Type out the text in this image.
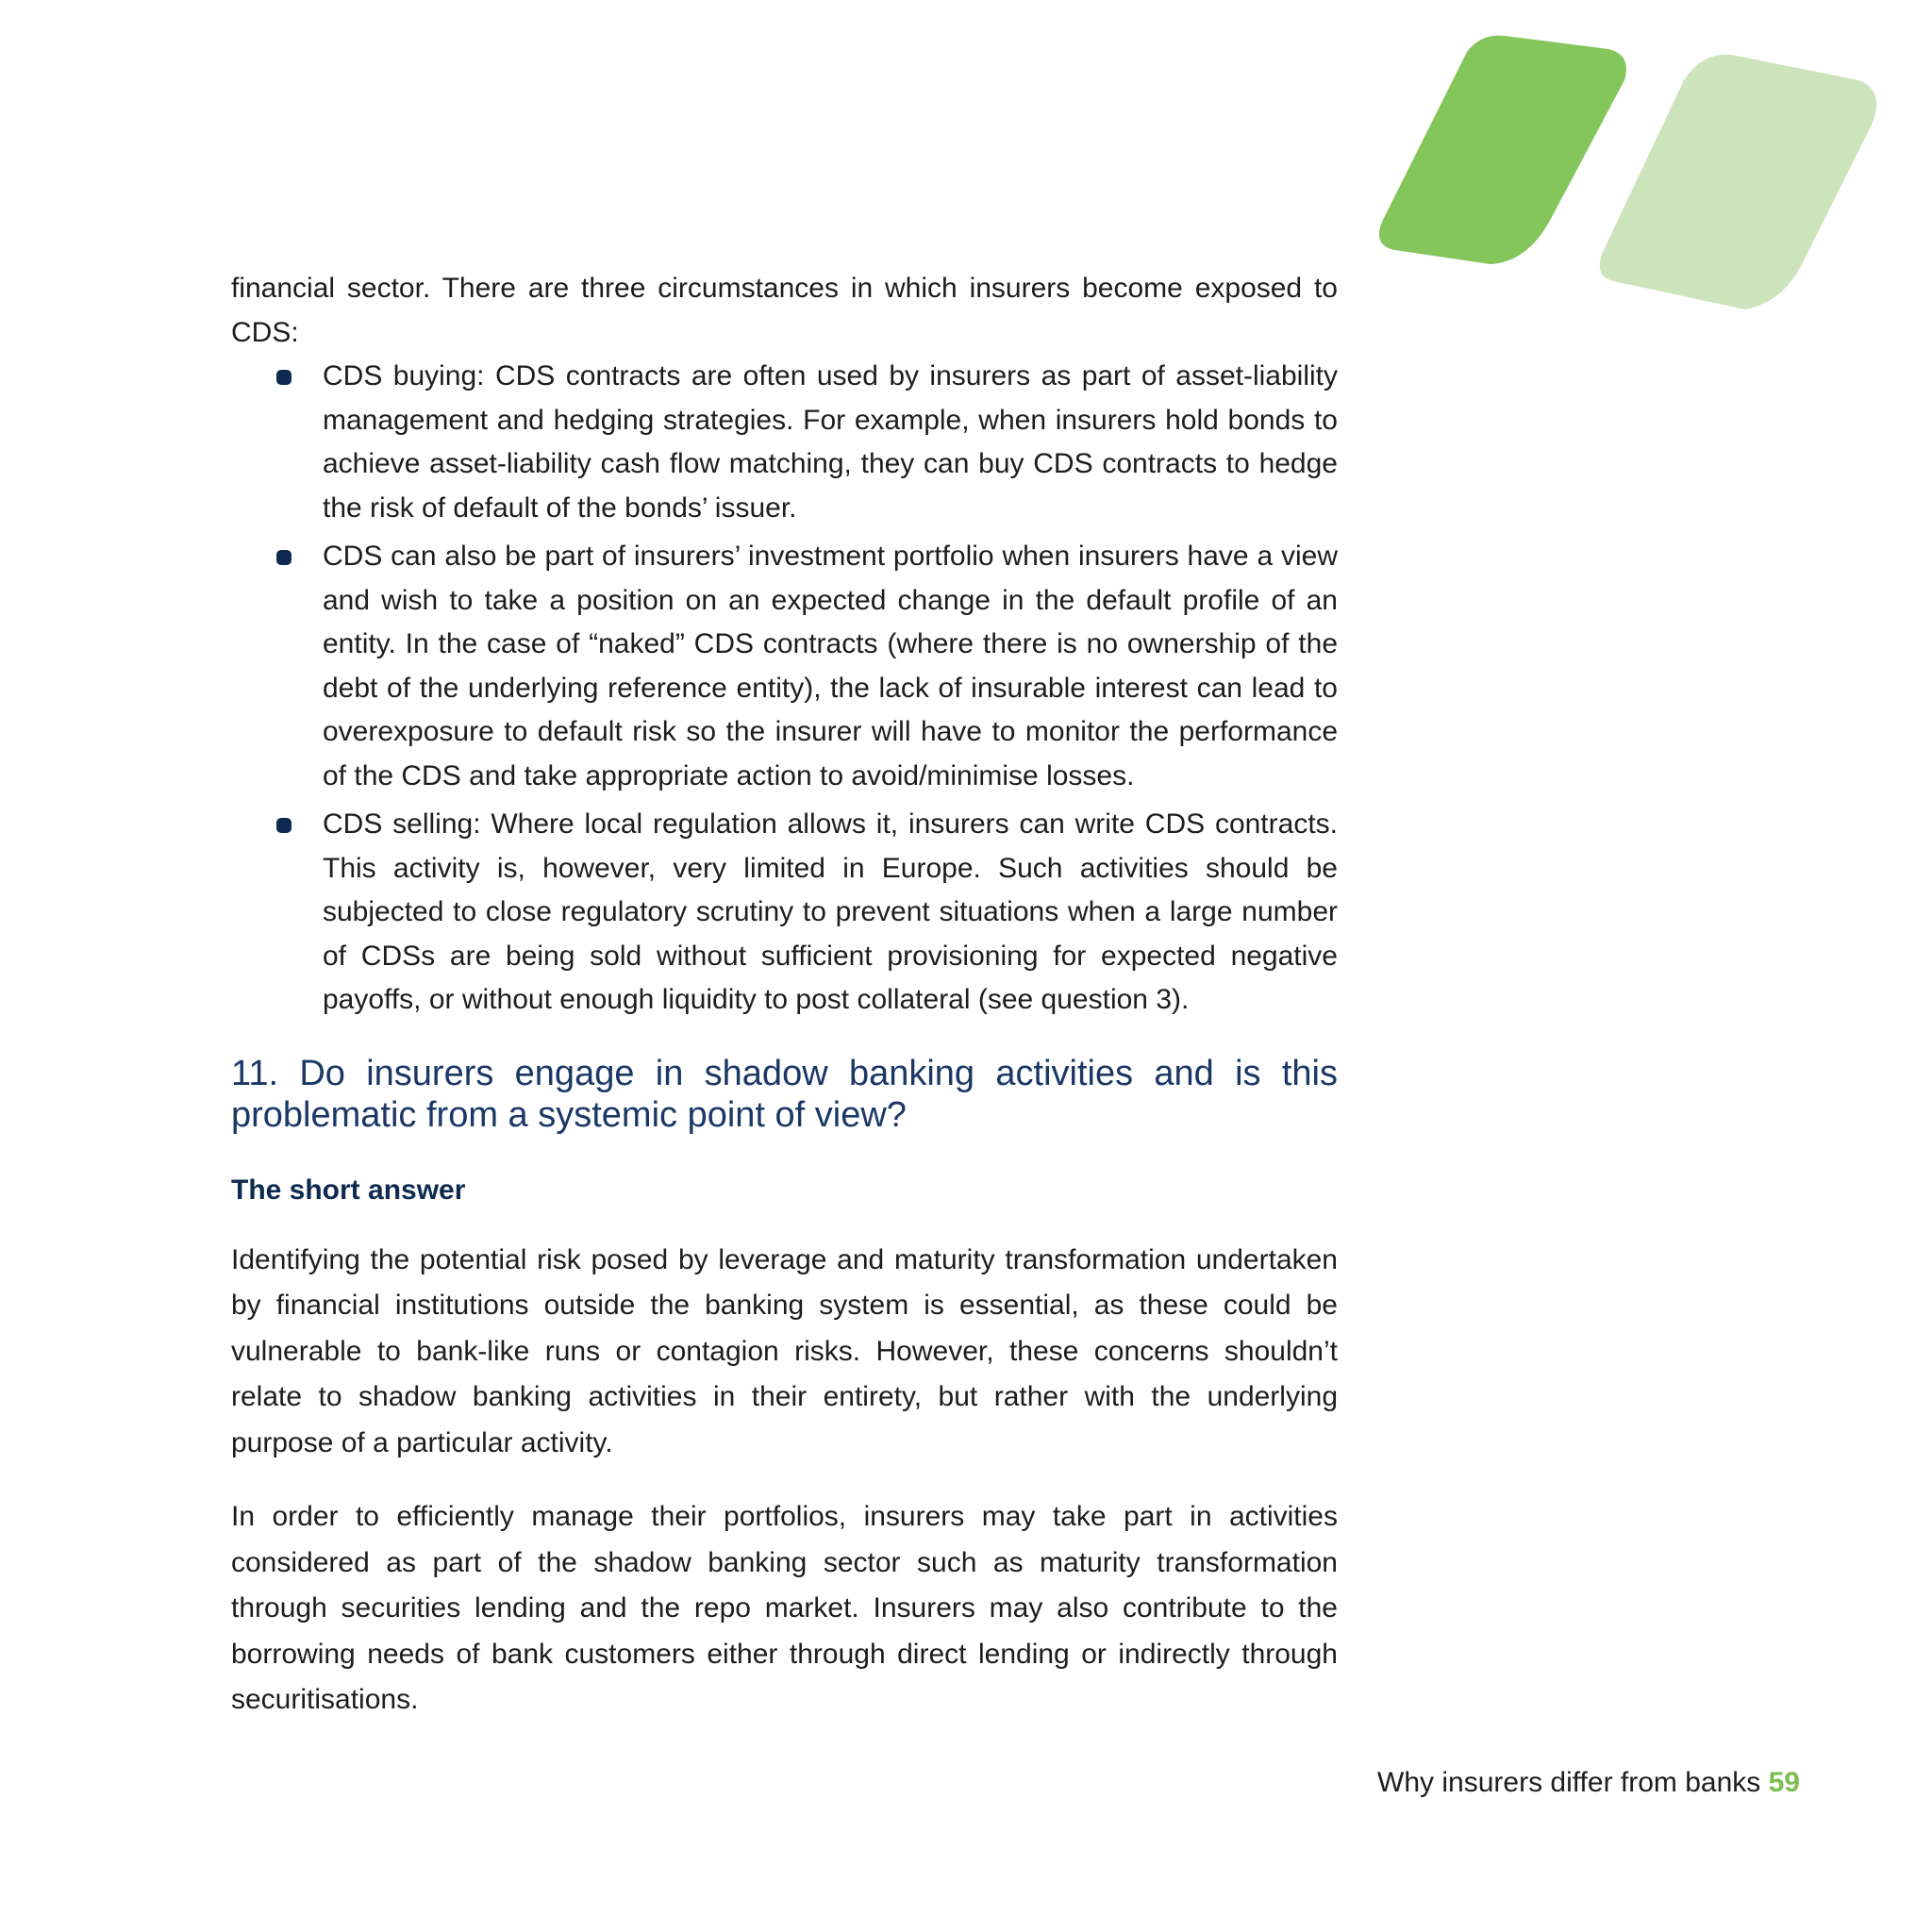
financial sector. There are three circumstances in which insurers become exposed to CDS:

CDS buying: CDS contracts are often used by insurers as part of asset-liability management and hedging strategies. For example, when insurers hold bonds to achieve asset-liability cash flow matching, they can buy CDS contracts to hedge the risk of default of the bonds’ issuer.
CDS can also be part of insurers’ investment portfolio when insurers have a view and wish to take a position on an expected change in the default profile of an entity. In the case of “naked” CDS contracts (where there is no ownership of the debt of the underlying reference entity), the lack of insurable interest can lead to overexposure to default risk so the insurer will have to monitor the performance of the CDS and take appropriate action to avoid/minimise losses.
CDS selling: Where local regulation allows it, insurers can write CDS contracts. This activity is, however, very limited in Europe. Such activities should be subjected to close regulatory scrutiny to prevent situations when a large number of CDSs are being sold without sufficient provisioning for expected negative payoffs, or without enough liquidity to post collateral (see question 3).
11. Do insurers engage in shadow banking activities and is this problematic from a systemic point of view?
The short answer

Identifying the potential risk posed by leverage and maturity transformation undertaken by financial institutions outside the banking system is essential, as these could be vulnerable to bank-like runs or contagion risks. However, these concerns shouldn’t relate to shadow banking activities in their entirety, but rather with the underlying purpose of a particular activity.

In order to efficiently manage their portfolios, insurers may take part in activities considered as part of the shadow banking sector such as maturity transformation through securities lending and the repo market. Insurers may also contribute to the borrowing needs of bank customers either through direct lending or indirectly through securitisations.

Why insurers differ from banks 59
